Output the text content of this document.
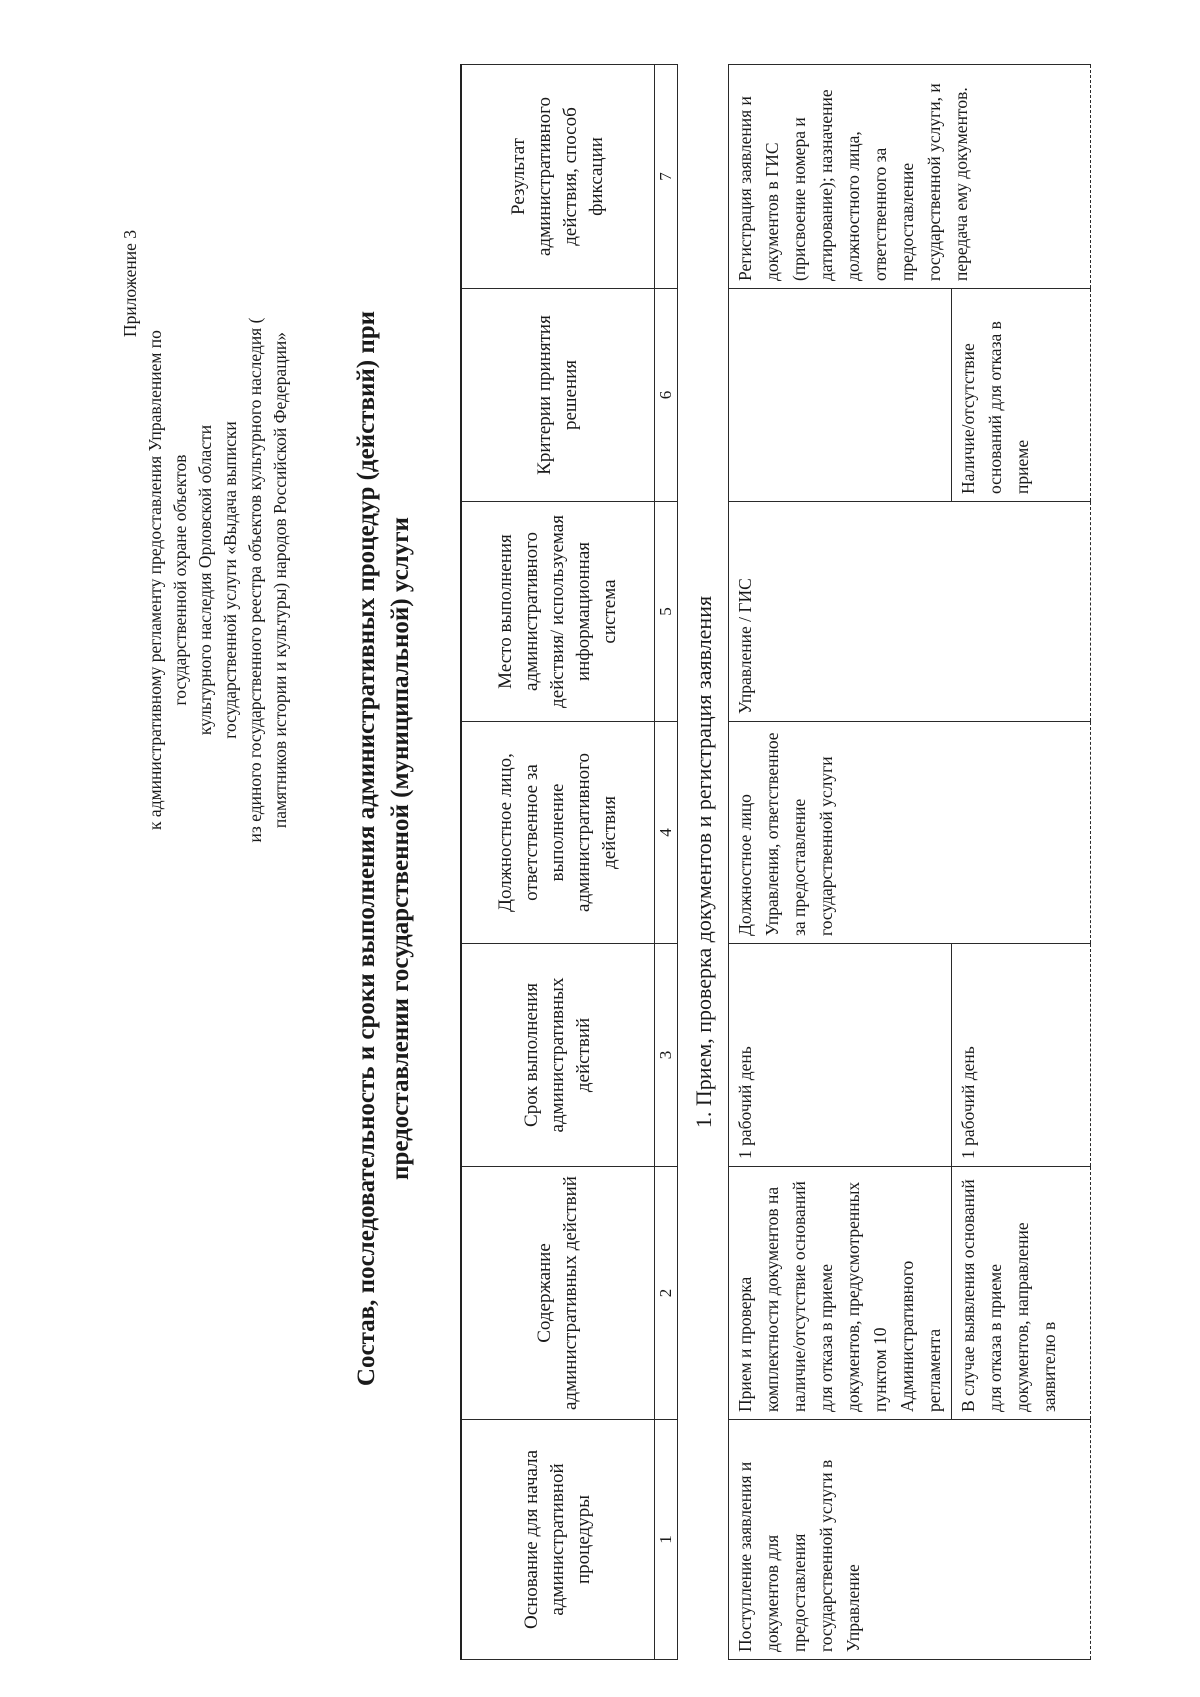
Приложение 3
к административному регламенту предоставления Управлением по государственной охране объектов культурного наследия Орловской области государственной услуги «Выдача выписки из единого государственного реестра объектов культурного наследия ( памятников истории и культуры) народов Российской Федерации»	Состав, последовательность и сроки выполнения административных процедур (действий) при предоставлении государственной (муниципальной) услуги
Основание для начала административной процедуры	Содержание административных действий	Срок выполнения административных действий	Должностное лицо, ответственное за выполнение административного действия	Место выполнения административного действия/ используемая информационная система	Критерии принятия решения	Результат административного действия, способ фиксации
1	2	3	4	5	6	7
1. Прием, проверка документов и регистрация заявления						
Поступление заявления и документов для предоставления государственной услуги в Управление	Прием и проверка комплектности документов на наличие/отсутствие оснований для отказа в приеме документов, предусмотренных пунктом 10 Административного регламента	1 рабочий день	Должностное лицо Управления, ответственное за предоставление государственной услуги	Управление / ГИС		Регистрация заявления и документов в ГИС (присвоение номера и датирование); назначение должностного лица, ответственного за предоставление государственной услуги, и передача ему документов.
	В случае выявления оснований для отказа в приеме документов, направление заявителю в	1 рабочий день			Наличие/отсутствие оснований для отказа в приеме	
